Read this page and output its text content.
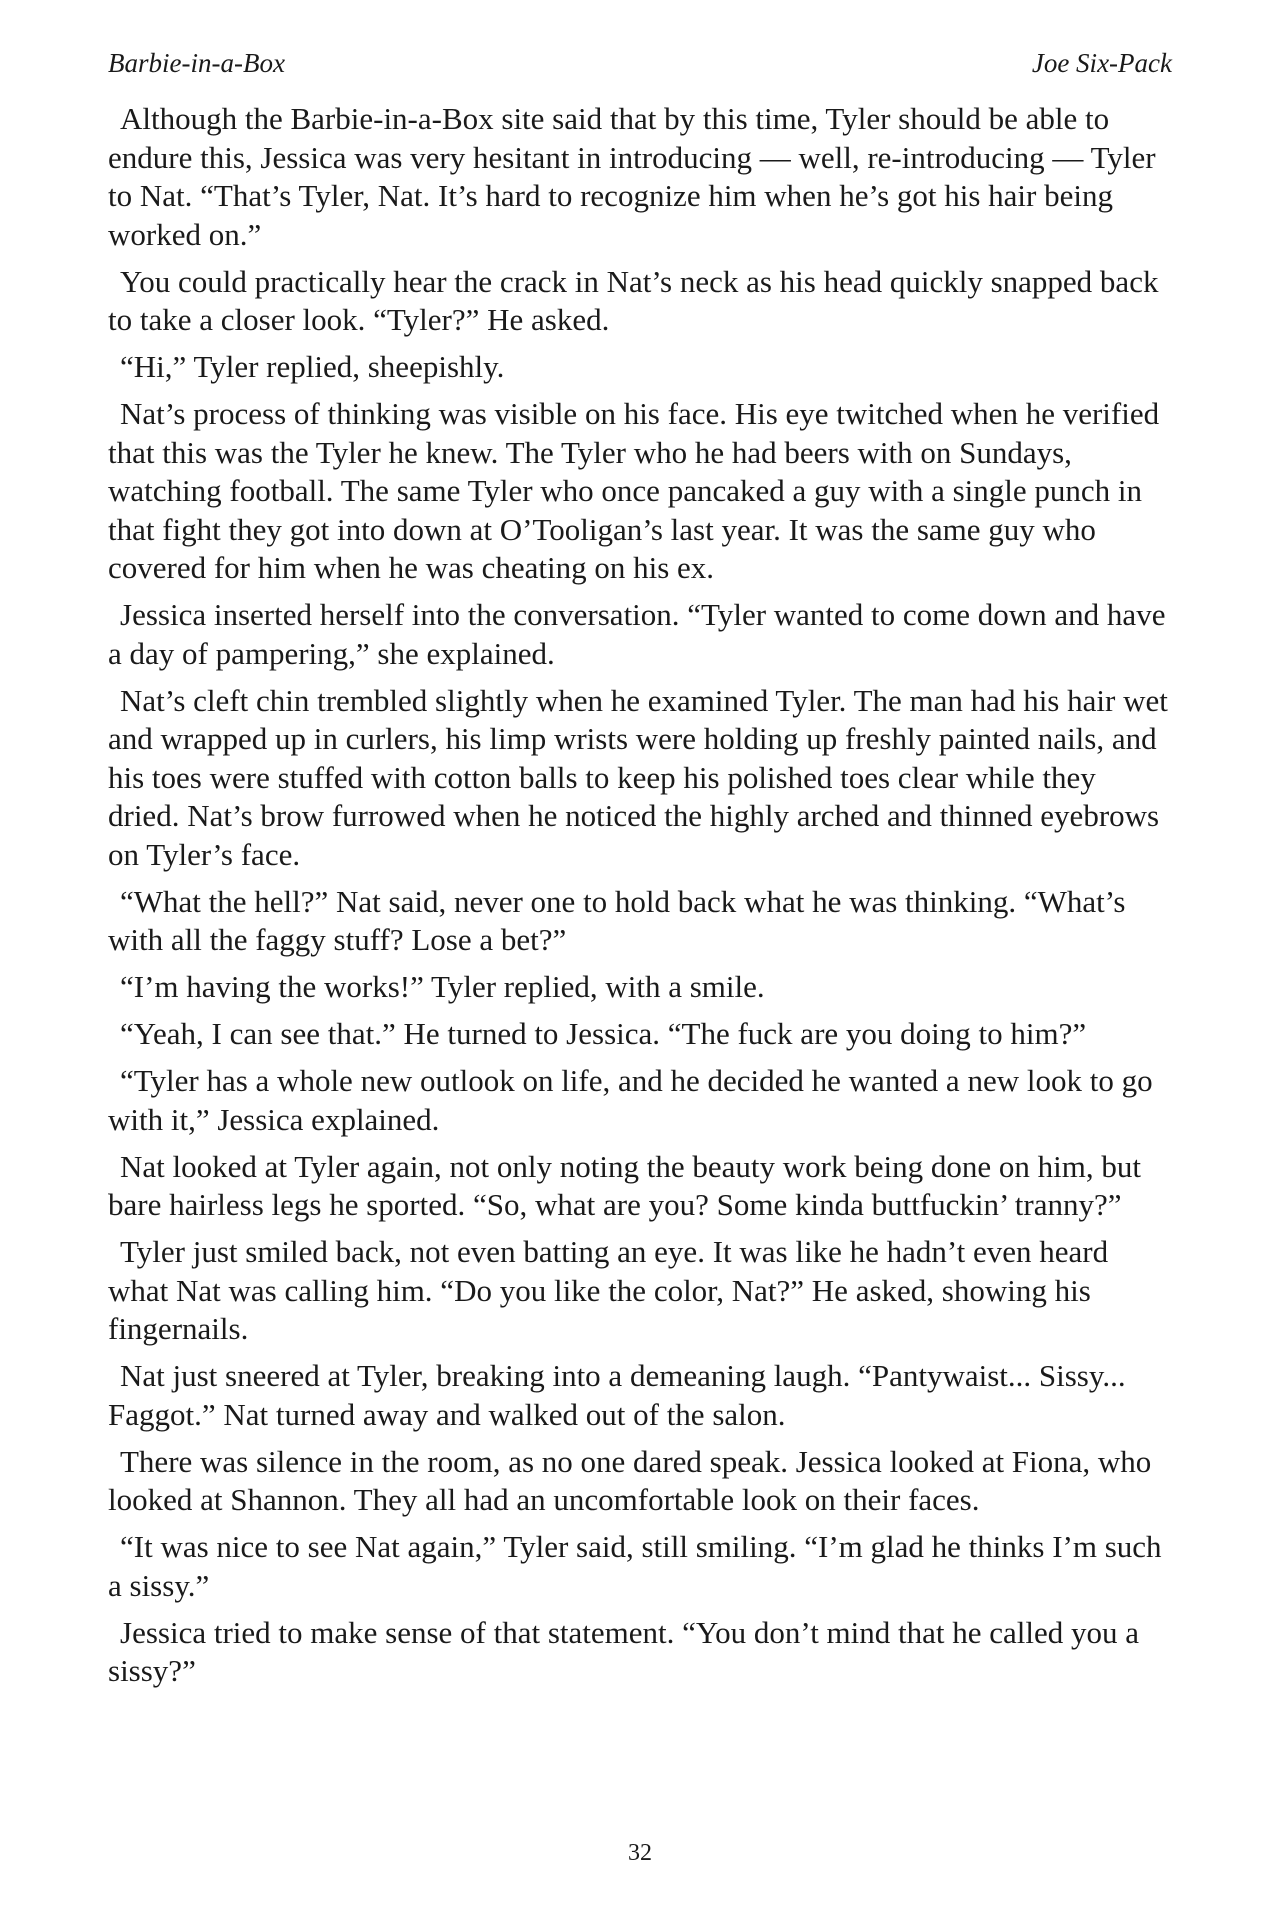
Barbie-in-a-Box	Joe Six-Pack

Although the Barbie-in-a-Box site said that by this time, Tyler should be able to endure this, Jessica was very hesitant in introducing — well, re-introducing — Tyler to Nat. “That’s Tyler, Nat. It’s hard to recognize him when he’s got his hair being worked on.”

You could practically hear the crack in Nat’s neck as his head quickly snapped back to take a closer look. “Tyler?” He asked.

“Hi,” Tyler replied, sheepishly.

Nat’s process of thinking was visible on his face. His eye twitched when he verified that this was the Tyler he knew. The Tyler who he had beers with on Sundays, watching football. The same Tyler who once pancaked a guy with a single punch in that fight they got into down at O’Tooligan’s last year. It was the same guy who covered for him when he was cheating on his ex.

Jessica inserted herself into the conversation. “Tyler wanted to come down and have a day of pampering,” she explained.

Nat’s cleft chin trembled slightly when he examined Tyler. The man had his hair wet and wrapped up in curlers, his limp wrists were holding up freshly painted nails, and his toes were stuffed with cotton balls to keep his polished toes clear while they dried. Nat’s brow furrowed when he noticed the highly arched and thinned eyebrows on Tyler’s face.

“What the hell?” Nat said, never one to hold back what he was thinking. “What’s with all the faggy stuff? Lose a bet?”

“I’m having the works!” Tyler replied, with a smile.

“Yeah, I can see that.” He turned to Jessica. “The fuck are you doing to him?”

“Tyler has a whole new outlook on life, and he decided he wanted a new look to go with it,” Jessica explained.

Nat looked at Tyler again, not only noting the beauty work being done on him, but bare hairless legs he sported. “So, what are you? Some kinda buttfuckin’ tranny?”

Tyler just smiled back, not even batting an eye. It was like he hadn’t even heard what Nat was calling him. “Do you like the color, Nat?” He asked, showing his fingernails.

Nat just sneered at Tyler, breaking into a demeaning laugh. “Pantywaist... Sissy... Faggot.” Nat turned away and walked out of the salon.

There was silence in the room, as no one dared speak. Jessica looked at Fiona, who looked at Shannon. They all had an uncomfortable look on their faces.

“It was nice to see Nat again,” Tyler said, still smiling. “I’m glad he thinks I’m such a sissy.”

Jessica tried to make sense of that statement. “You don’t mind that he called you a sissy?”

32
